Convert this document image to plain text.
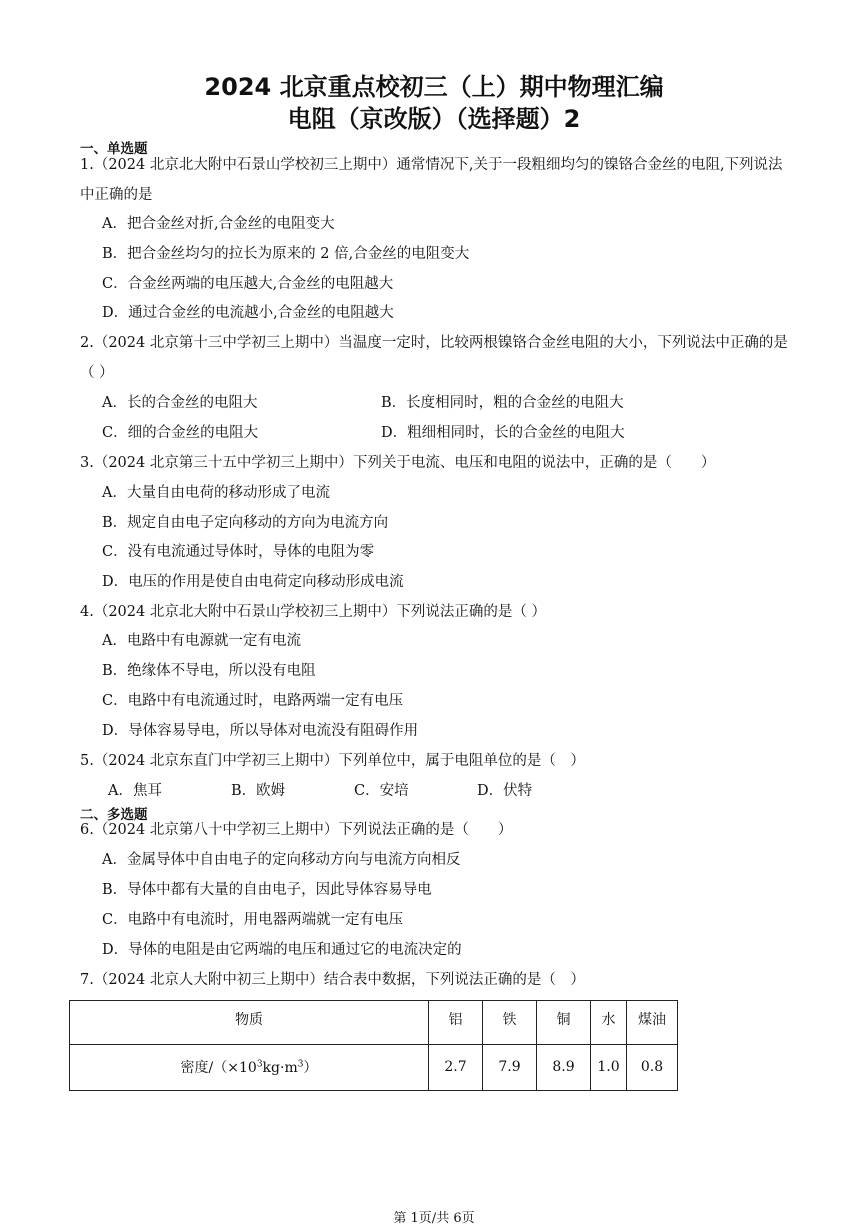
2024 北京重点校初三（上）期中物理汇编
电阻（京改版）（选择题）2
一、单选题
1.（2024 北京北大附中石景山学校初三上期中）通常情况下,关于一段粗细均匀的镍铬合金丝的电阻,下列说法中正确的是
A．把合金丝对折,合金丝的电阻变大
B．把合金丝均匀的拉长为原来的 2 倍,合金丝的电阻变大
C．合金丝两端的电压越大,合金丝的电阻越大
D．通过合金丝的电流越小,合金丝的电阻越大
2.（2024 北京第十三中学初三上期中）当温度一定时，比较两根镍铬合金丝电阻的大小，下列说法中正确的是（ ）
A．长的合金丝的电阻大	B．长度相同时，粗的合金丝的电阻大
C．细的合金丝的电阻大	D．粗细相同时，长的合金丝的电阻大
3.（2024 北京第三十五中学初三上期中）下列关于电流、电压和电阻的说法中，正确的是（　　）
A．大量自由电荷的移动形成了电流
B．规定自由电子定向移动的方向为电流方向
C．没有电流通过导体时，导体的电阻为零
D．电压的作用是使自由电荷定向移动形成电流
4.（2024 北京北大附中石景山学校初三上期中）下列说法正确的是（ ）
A．电路中有电源就一定有电流
B．绝缘体不导电，所以没有电阻
C．电路中有电流通过时，电路两端一定有电压
D．导体容易导电，所以导体对电流没有阻碍作用
5.（2024 北京东直门中学初三上期中）下列单位中，属于电阻单位的是（　）
A．焦耳	B．欧姆	C．安培	D．伏特
二、多选题
6.（2024 北京第八十中学初三上期中）下列说法正确的是（　　）
A．金属导体中自由电子的定向移动方向与电流方向相反
B．导体中都有大量的自由电子，因此导体容易导电
C．电路中有电流时，用电器两端就一定有电压
D．导体的电阻是由它两端的电压和通过它的电流决定的
7.（2024 北京人大附中初三上期中）结合表中数据，下列说法正确的是（　）
物质	铝	铁	铜	水	煤油
密度$/(\times 10^3kg\cdot m^3)$	2.7	7.9	8.9	1.0	0.8
第 1页/共 6页
